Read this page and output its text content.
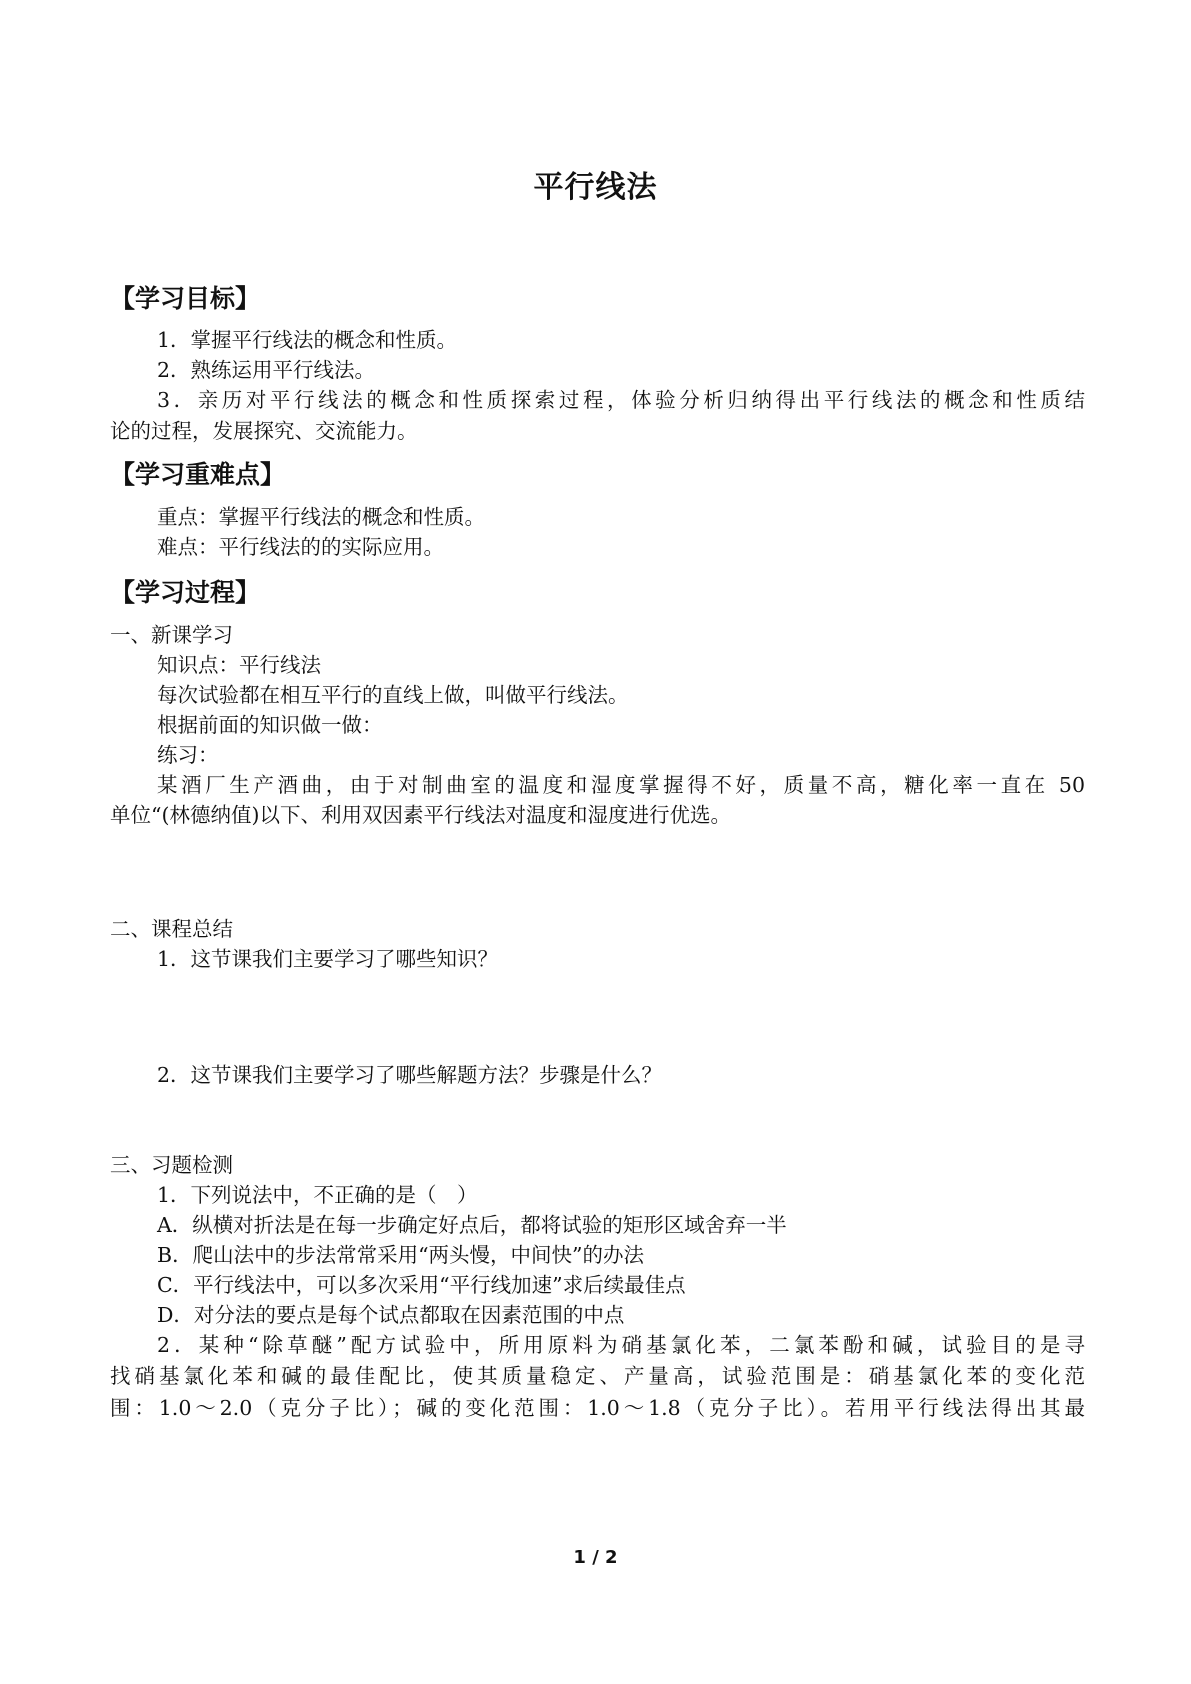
平行线法
【学习目标】
1．掌握平行线法的概念和性质。
2．熟练运用平行线法。
3．亲历对平行线法的概念和性质探索过程，体验分析归纳得出平行线法的概念和性质结
论的过程，发展探究、交流能力。
【学习重难点】
重点：掌握平行线法的概念和性质。
难点：平行线法的的实际应用。
【学习过程】
一、新课学习
知识点：平行线法
每次试验都在相互平行的直线上做，叫做平行线法。
根据前面的知识做一做：
练习：
某酒厂生产酒曲，由于对制曲室的温度和湿度掌握得不好，质量不高，糖化率一直在 50
单位“(林德纳值)以下、利用双因素平行线法对温度和湿度进行优选。
二、课程总结
1．这节课我们主要学习了哪些知识？
2．这节课我们主要学习了哪些解题方法？步骤是什么？
三、习题检测
1．下列说法中，不正确的是（　）
A．纵横对折法是在每一步确定好点后，都将试验的矩形区域舍弃一半
B．爬山法中的步法常常采用“两头慢，中间快”的办法
C．平行线法中，可以多次采用“平行线加速”求后续最佳点
D．对分法的要点是每个试点都取在因素范围的中点
2．某种“除草醚”配方试验中，所用原料为硝基氯化苯，二氯苯酚和碱，试验目的是寻
找硝基氯化苯和碱的最佳配比，使其质量稳定、产量高，试验范围是：硝基氯化苯的变化范
围：1.0～2.0（克分子比）；碱的变化范围：1.0～1.8（克分子比）。若用平行线法得出其最
1 / 2
